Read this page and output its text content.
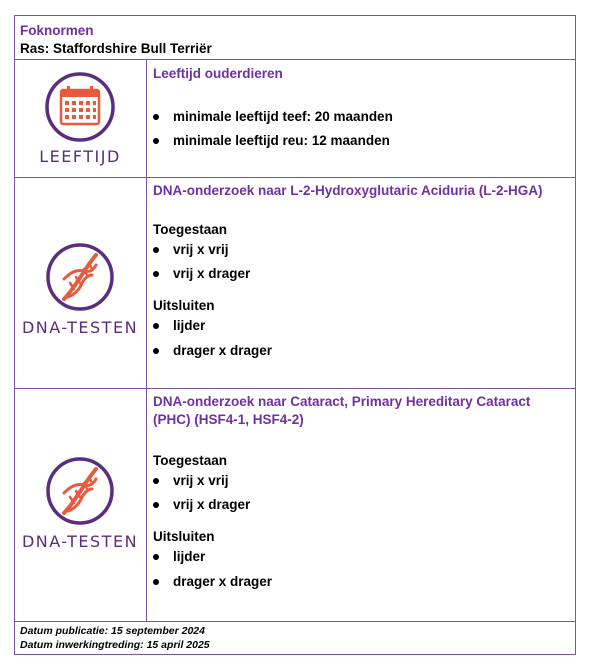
Foknormen
Ras: Staffordshire Bull Terriër
LEEFTIJD
Leeftijd ouderdieren
minimale leeftijd teef: 20 maanden
minimale leeftijd reu: 12 maanden
DNA-TESTEN
DNA-onderzoek naar L-2-Hydroxyglutaric Aciduria (L-2-HGA)
Toegestaan
vrij x vrij
vrij x drager
Uitsluiten
lijder
drager x drager
DNA-TESTEN
DNA-onderzoek naar Cataract, Primary Hereditary Cataract
(PHC) (HSF4-1, HSF4-2)
Toegestaan
vrij x vrij
vrij x drager
Uitsluiten
lijder
drager x drager
Datum publicatie: 15 september 2024
Datum inwerkingtreding: 15 april 2025
